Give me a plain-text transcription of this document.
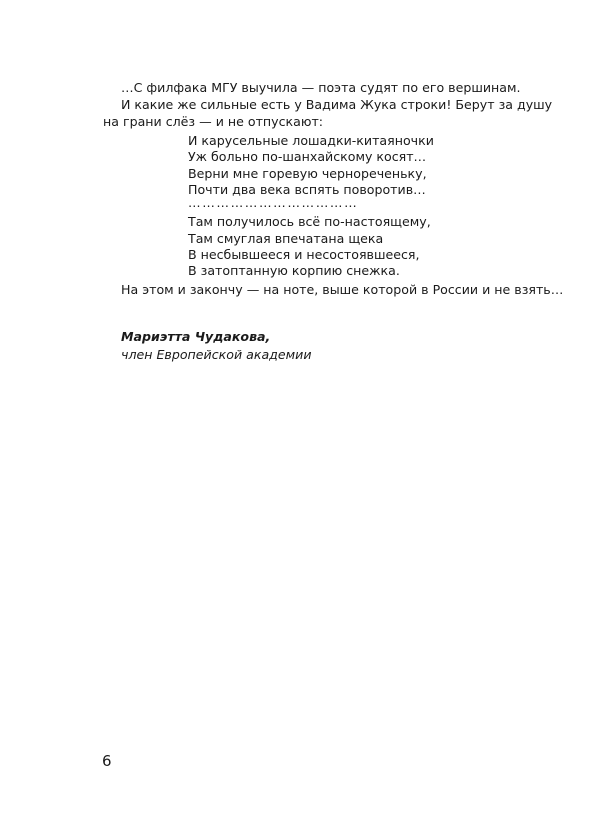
…С филфака МГУ выучила — поэта судят по его вершинам.

И какие же сильные есть у Вадима Жука строки! Берут за душу

на грани слёз — и не отпускают:

И карусельные лошадки-китаяночки
Уж больно по-шанхайскому косят…
Верни мне горевую чернореченьку,
Почти два века вспять поворотив…
………………………………
Там получилось всё по-настоящему,
Там смуглая впечатана щека
В несбывшееся и несостоявшееся,
В затоптанную корпию снежка.

На этом и закончу — на ноте, выше которой в России и не взять…

Мариэтта Чудакова,
член Европейской академии
6
